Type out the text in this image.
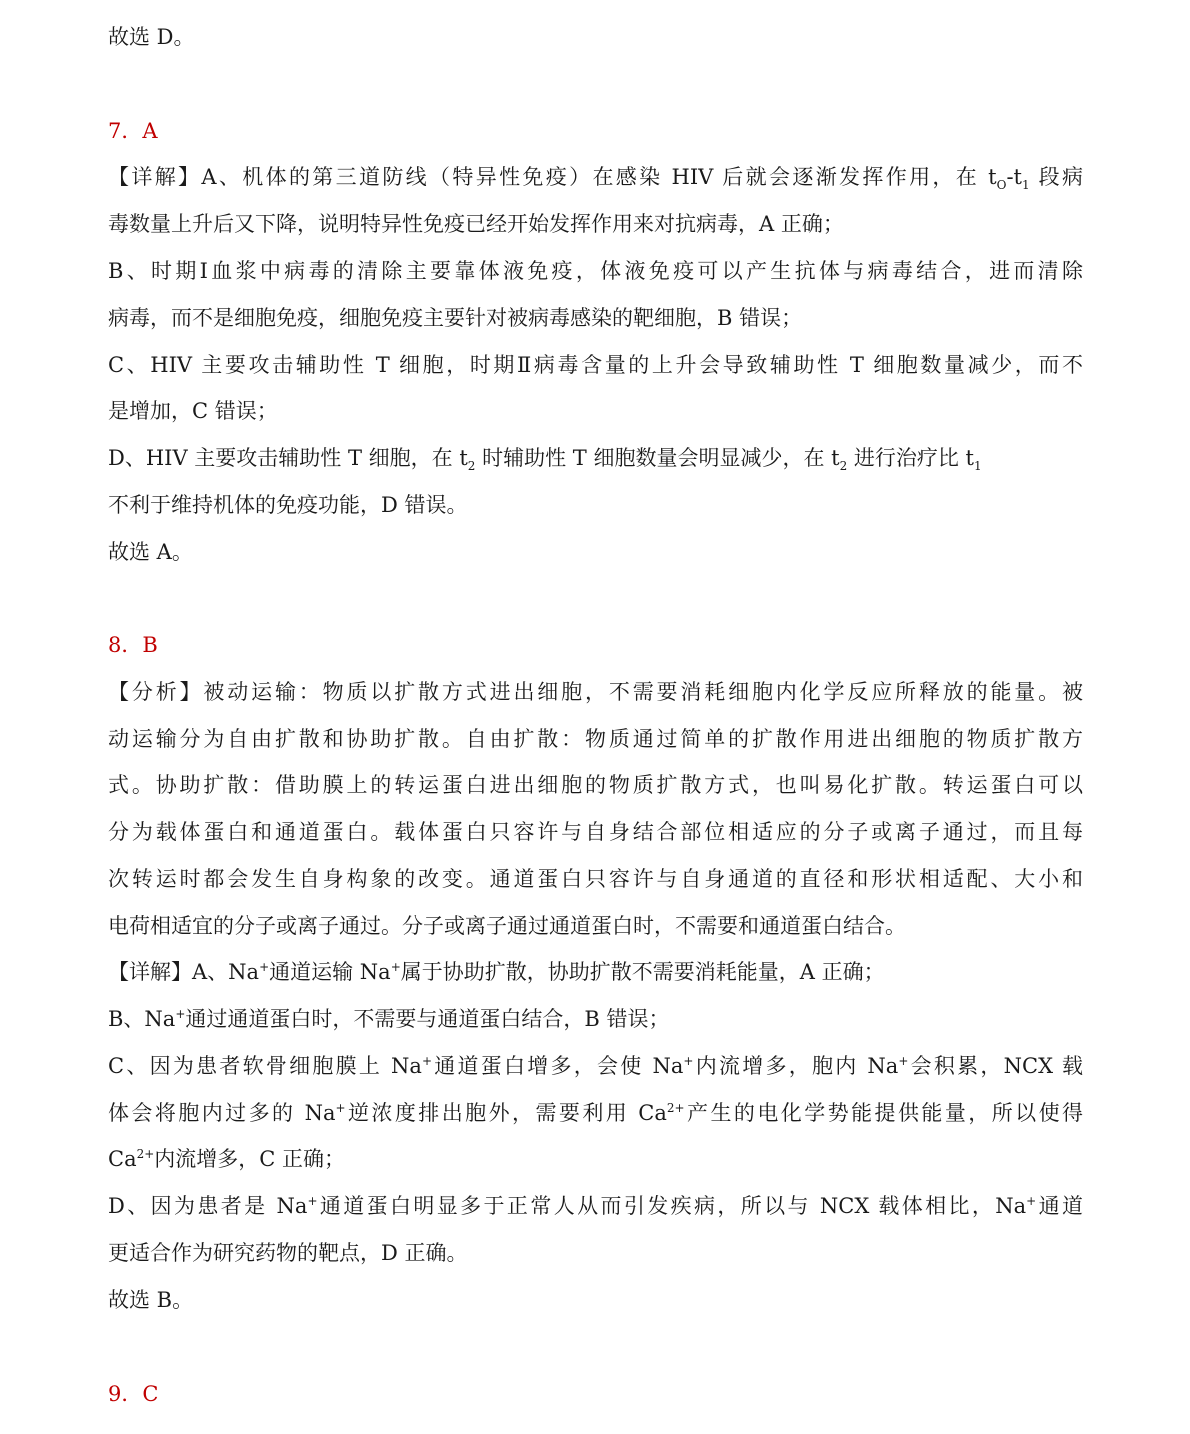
故选 D。
7．A
【详解】A、机体的第三道防线（特异性免疫）在感染 HIV 后就会逐渐发挥作用，在 $t_O-t_1$ 段病
毒数量上升后又下降，说明特异性免疫已经开始发挥作用来对抗病毒，A 正确；
B、时期Ⅰ血浆中病毒的清除主要靠体液免疫，体液免疫可以产生抗体与病毒结合，进而清除
病毒，而不是细胞免疫，细胞免疫主要针对被病毒感染的靶细胞，B 错误；
C、HIV 主要攻击辅助性 T 细胞，时期Ⅱ病毒含量的上升会导致辅助性 T 细胞数量减少，而不
是增加，C 错误；
D、HIV 主要攻击辅助性 T 细胞，在 $t_2$ 时辅助性 T 细胞数量会明显减少，在 $t_2$ 进行治疗比 $t_1$
不利于维持机体的免疫功能，D 错误。
故选 A。
8．B
【分析】被动运输：物质以扩散方式进出细胞，不需要消耗细胞内化学反应所释放的能量。被
动运输分为自由扩散和协助扩散。自由扩散：物质通过简单的扩散作用进出细胞的物质扩散方
式。协助扩散：借助膜上的转运蛋白进出细胞的物质扩散方式，也叫易化扩散。转运蛋白可以
分为载体蛋白和通道蛋白。载体蛋白只容许与自身结合部位相适应的分子或离子通过，而且每
次转运时都会发生自身构象的改变。通道蛋白只容许与自身通道的直径和形状相适配、大小和
电荷相适宜的分子或离子通过。分子或离子通过通道蛋白时，不需要和通道蛋白结合。
【详解】A、Na+通道运输 Na+属于协助扩散，协助扩散不需要消耗能量，A 正确；
B、Na+通过通道蛋白时，不需要与通道蛋白结合，B 错误；
C、因为患者软骨细胞膜上 Na+通道蛋白增多，会使 Na+内流增多，胞内 Na+会积累，NCX 载
体会将胞内过多的 Na+逆浓度排出胞外，需要利用 $Ca^{2+}$产生的电化学势能提供能量，所以使得
$Ca^{2+}$内流增多，C 正确；
D、因为患者是 Na+通道蛋白明显多于正常人从而引发疾病，所以与 NCX 载体相比，Na+通道
更适合作为研究药物的靶点，D 正确。
故选 B。
9．C
